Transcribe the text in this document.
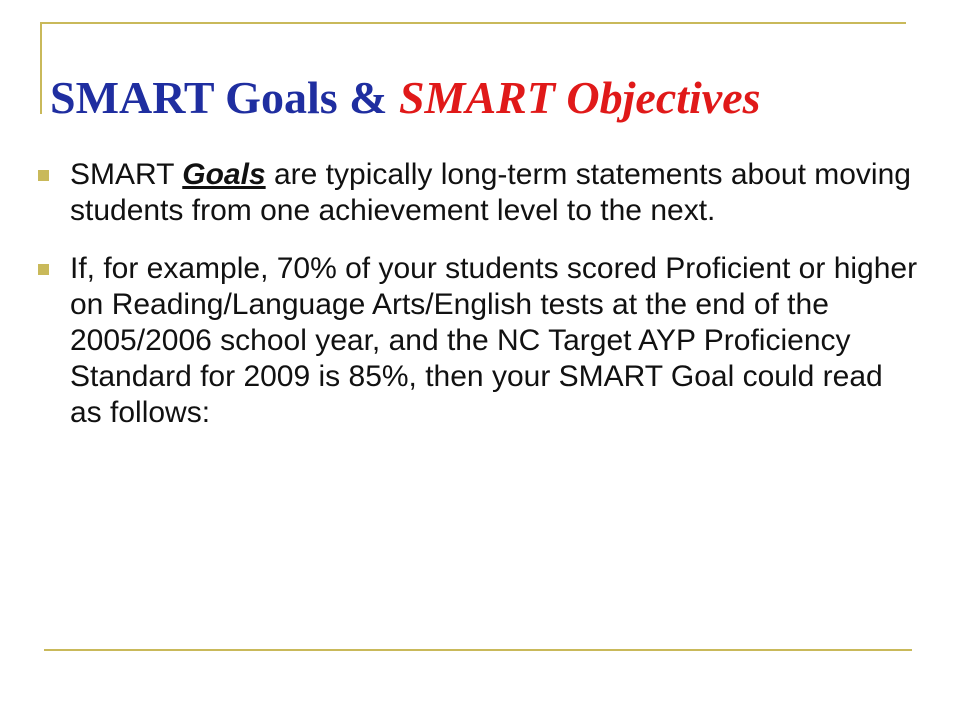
SMART Goals & SMART Objectives
SMART Goals are typically long-term statements about moving students from one achievement level to the next.
If, for example, 70% of your students scored Proficient or higher on Reading/Language Arts/English tests at the end of the 2005/2006 school year, and the NC Target AYP Proficiency Standard for 2009 is 85%, then your SMART Goal could read as follows:
